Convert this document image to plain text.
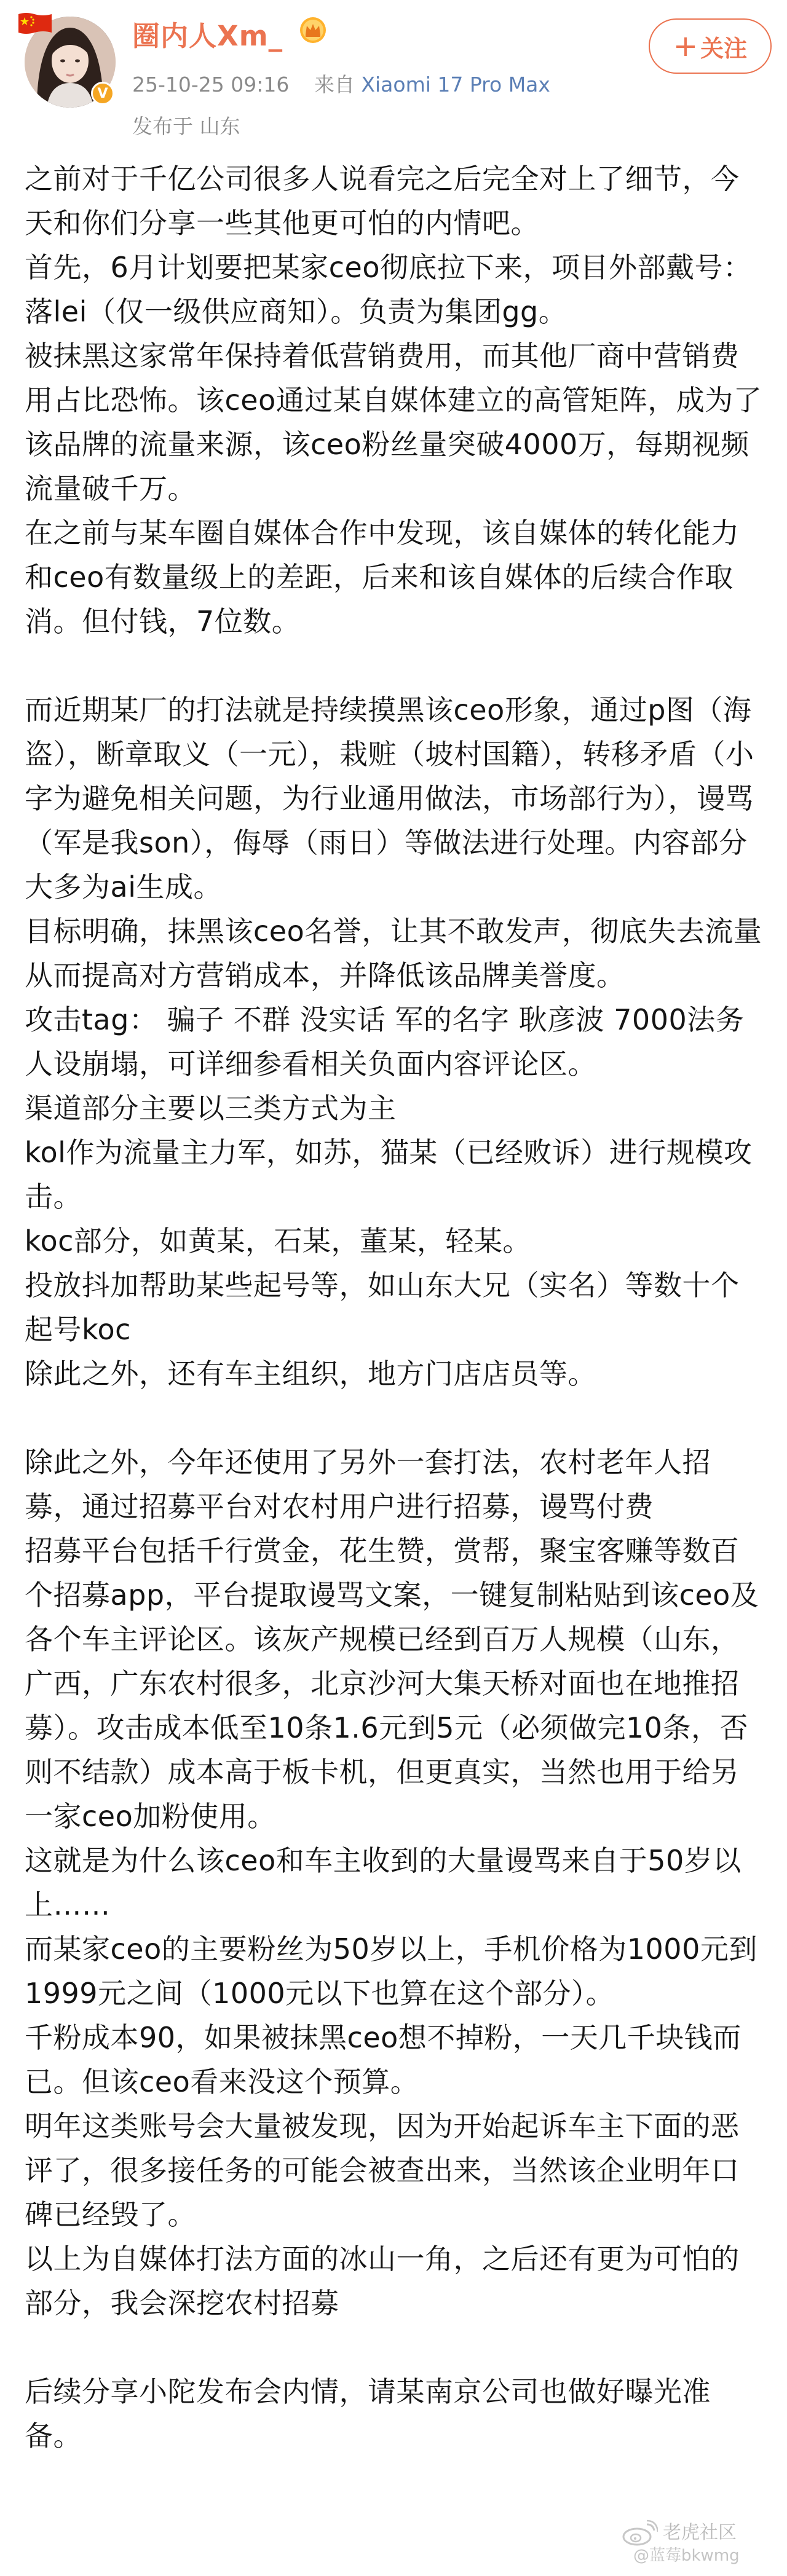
V
圈内人Xm_
25-10-25 09:16 来自 Xiaomi 17 Pro Max
发布于 山东
+ 关注

之前对于千亿公司很多人说看完之后完全对上了细节，今天和你们分享一些其他更可怕的内情吧。

首先，6月计划要把某家ceo彻底拉下来，项目外部戴号：落lei（仅一级供应商知）。负责为集团gg。

被抹黑这家常年保持着低营销费用，而其他厂商中营销费用占比恐怖。该ceo通过某自媒体建立的高管矩阵，成为了该品牌的流量来源，该ceo粉丝量突破4000万，每期视频流量破千万。

在之前与某车圈自媒体合作中发现，该自媒体的转化能力和ceo有数量级上的差距，后来和该自媒体的后续合作取消。但付钱，7位数。

而近期某厂的打法就是持续摸黑该ceo形象，通过p图（海盗），断章取义（一元），栽赃（坡村国籍），转移矛盾（小字为避免相关问题，为行业通用做法，市场部行为），谩骂（军是我son），侮辱（雨日）等做法进行处理。内容部分大多为ai生成。

目标明确，抹黑该ceo名誉，让其不敢发声，彻底失去流量从而提高对方营销成本，并降低该品牌美誉度。

攻击tag： 骗子 不群 没实话 军的名字 耿彦波 7000法务 人设崩塌，可详细参看相关负面内容评论区。

渠道部分主要以三类方式为主

kol作为流量主力军，如苏，猫某（已经败诉）进行规模攻击。

koc部分，如黄某，石某，董某，轻某。

投放抖加帮助某些起号等，如山东大兄（实名）等数十个起号koc

除此之外，还有车主组织，地方门店店员等。

除此之外，今年还使用了另外一套打法，农村老年人招募，通过招募平台对农村用户进行招募，谩骂付费

招募平台包括千行赏金，花生赞，赏帮，聚宝客赚等数百个招募app，平台提取谩骂文案，一键复制粘贴到该ceo及各个车主评论区。该灰产规模已经到百万人规模（山东，广西，广东农村很多，北京沙河大集天桥对面也在地推招募）。攻击成本低至10条1.6元到5元（必须做完10条，否则不结款）成本高于板卡机，但更真实，当然也用于给另一家ceo加粉使用。

这就是为什么该ceo和车主收到的大量谩骂来自于50岁以上……

而某家ceo的主要粉丝为50岁以上，手机价格为1000元到1999元之间（1000元以下也算在这个部分）。

千粉成本90，如果被抹黑ceo想不掉粉，一天几千块钱而已。但该ceo看来没这个预算。

明年这类账号会大量被发现，因为开始起诉车主下面的恶评了，很多接任务的可能会被查出来，当然该企业明年口碑已经毁了。

以上为自媒体打法方面的冰山一角，之后还有更为可怕的部分，我会深挖农村招募

后续分享小陀发布会内情，请某南京公司也做好曝光准备。

老虎社区
@蓝莓bkwmg
